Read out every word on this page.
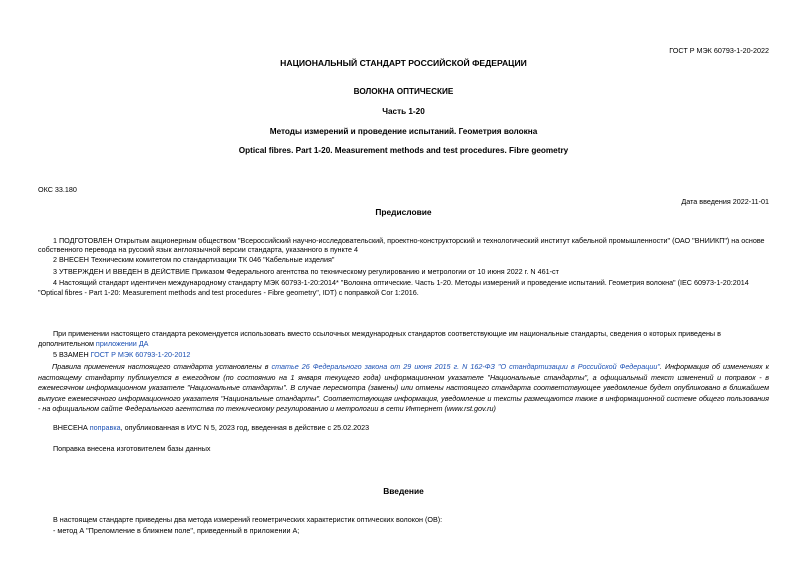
ГОСТ Р МЭК 60793-1-20-2022
НАЦИОНАЛЬНЫЙ СТАНДАРТ РОССИЙСКОЙ ФЕДЕРАЦИИ
ВОЛОКНА ОПТИЧЕСКИЕ
Часть 1-20
Методы измерений и проведение испытаний. Геометрия волокна
Optical fibres. Part 1-20. Measurement methods and test procedures. Fibre geometry
ОКС 33.180
Дата введения 2022-11-01
Предисловие
1 ПОДГОТОВЛЕН Открытым акционерным обществом "Всероссийский научно-исследовательский, проектно-конструкторский и технологический институт кабельной промышленности" (ОАО "ВНИИКП") на основе
собственного перевода на русский язык англоязычной версии стандарта, указанного в пункте 4
2 ВНЕСЕН Техническим комитетом по стандартизации ТК 046 "Кабельные изделия"
3 УТВЕРЖДЕН И ВВЕДЕН В ДЕЙСТВИЕ Приказом Федерального агентства по техническому регулированию и метрологии от 10 июня 2022 г. N 461-ст
4 Настоящий стандарт идентичен международному стандарту МЭК 60793-1-20:2014* "Волокна оптические. Часть 1-20. Методы измерений и проведение испытаний. Геометрия волокна" (IEC 60973-1-20:2014
"Optical fibres - Part 1-20: Measurement methods and test procedures - Fibre geometry", IDT) с поправкой Cor 1:2016.
При применении настоящего стандарта рекомендуется использовать вместо ссылочных международных стандартов соответствующие им национальные стандарты, сведения о которых приведены в
дополнительном приложении ДА
5 ВЗАМЕН ГОСТ Р МЭК 60793-1-20-2012
Правила применения настоящего стандарта установлены в статье 26 Федерального закона от 29 июня 2015 г. N 162-ФЗ "О стандартизации в Российской Федерации". Информация об изменениях к настоящему стандарту публикуется в ежегодном (по состоянию на 1 января текущего года) информационном указателе "Национальные стандарты", а официальный текст изменений и поправок - в ежемесячном информационном указателе "Национальные стандарты". В случае пересмотра (замены) или отмены настоящего стандарта соответствующее уведомление будет опубликовано в ближайшем выпуске ежемесячного информационного указателя "Национальные стандарты". Соответствующая информация, уведомление и тексты размещаются также в информационной системе общего пользования - на официальном сайте Федерального агентства по техническому регулированию и метрологии в сети Интернет (www.rst.gov.ru)
ВНЕСЕНА поправка, опубликованная в ИУС N 5, 2023 год, введенная в действие с 25.02.2023
Поправка внесена изготовителем базы данных
Введение
В настоящем стандарте приведены два метода измерений геометрических характеристик оптических волокон (ОВ):
- метод А "Преломление в ближнем поле", приведенный в приложении А;
